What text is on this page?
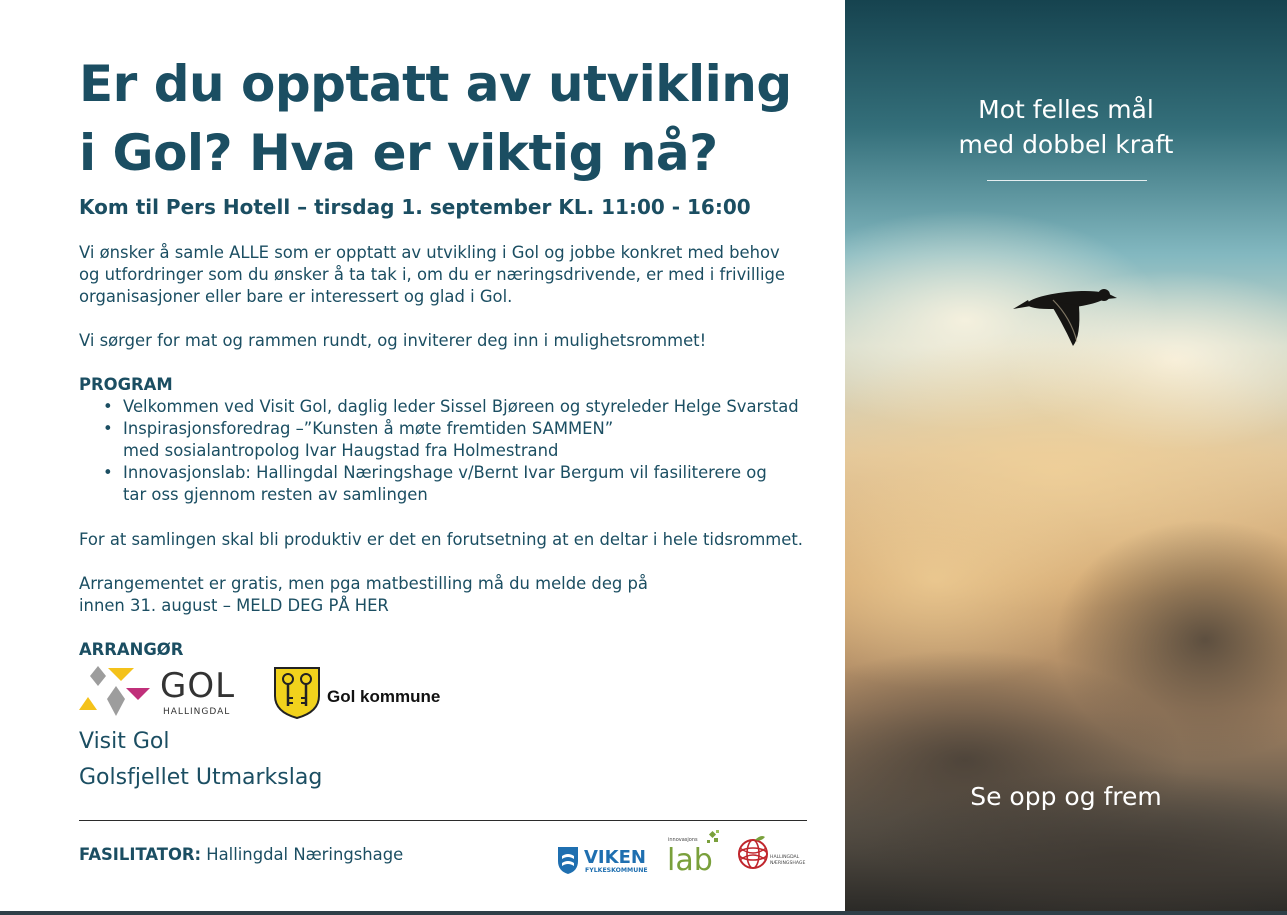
Er du opptatt av utvikling
i Gol? Hva er viktig nå?

Kom til Pers Hotell – tirsdag 1. september KL. 11:00 - 16:00

Vi ønsker å samle ALLE som er opptatt av utvikling i Gol og jobbe konkret med behov
og utfordringer som du ønsker å ta tak i, om du er næringsdrivende, er med i frivillige
organisasjoner eller bare er interessert og glad i Gol.

Vi sørger for mat og rammen rundt, og inviterer deg inn i mulighetsrommet!

PROGRAM

• Velkommen ved Visit Gol, daglig leder Sissel Bjøreen og styreleder Helge Svarstad
• Inspirasjonsforedrag –”Kunsten å møte fremtiden SAMMEN”
med sosialantropolog Ivar Haugstad fra Holmestrand
• Innovasjonslab: Hallingdal Næringshage v/Bernt Ivar Bergum vil fasiliterere og
tar oss gjennom resten av samlingen

For at samlingen skal bli produktiv er det en forutsetning at en deltar i hele tidsrommet.

Arrangementet er gratis, men pga matbestilling må du melde deg på
innen 31. august – MELD DEG PÅ HER

ARRANGØR

GOL
HALLINGDAL
Gol kommune

Visit Gol

Golsfjellet Utmarkslag

FASILITATOR: Hallingdal Næringshage	VIKEN
FYLKESKOMMUNE
innovasjons
lab	HALLINGDAL
NÆRINGSHAGE

Mot felles mål
med dobbel kraft

Se opp og frem
